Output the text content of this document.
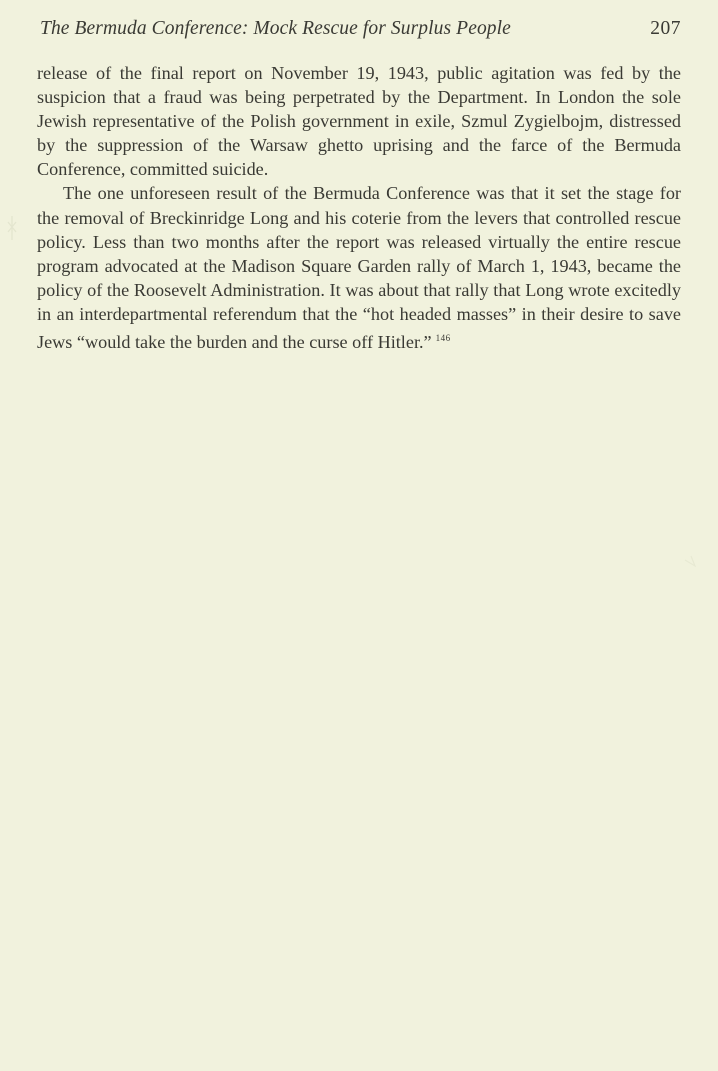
The Bermuda Conference: Mock Rescue for Surplus People	207

release of the final report on November 19, 1943, public agitation was fed by the suspicion that a fraud was being perpetrated by the Department. In London the sole Jewish representative of the Polish government in exile, Szmul Zygielbojm, distressed by the suppression of the Warsaw ghetto uprising and the farce of the Bermuda Conference, committed suicide.

The one unforeseen result of the Bermuda Conference was that it set the stage for the removal of Breckinridge Long and his coterie from the levers that controlled rescue policy. Less than two months after the report was released virtually the entire rescue program advocated at the Madison Square Garden rally of March 1, 1943, became the policy of the Roosevelt Administration. It was about that rally that Long wrote excitedly in an interdepartmental referendum that the “hot headed masses” in their desire to save Jews “would take the burden and the curse off Hitler.” $^{146}$
